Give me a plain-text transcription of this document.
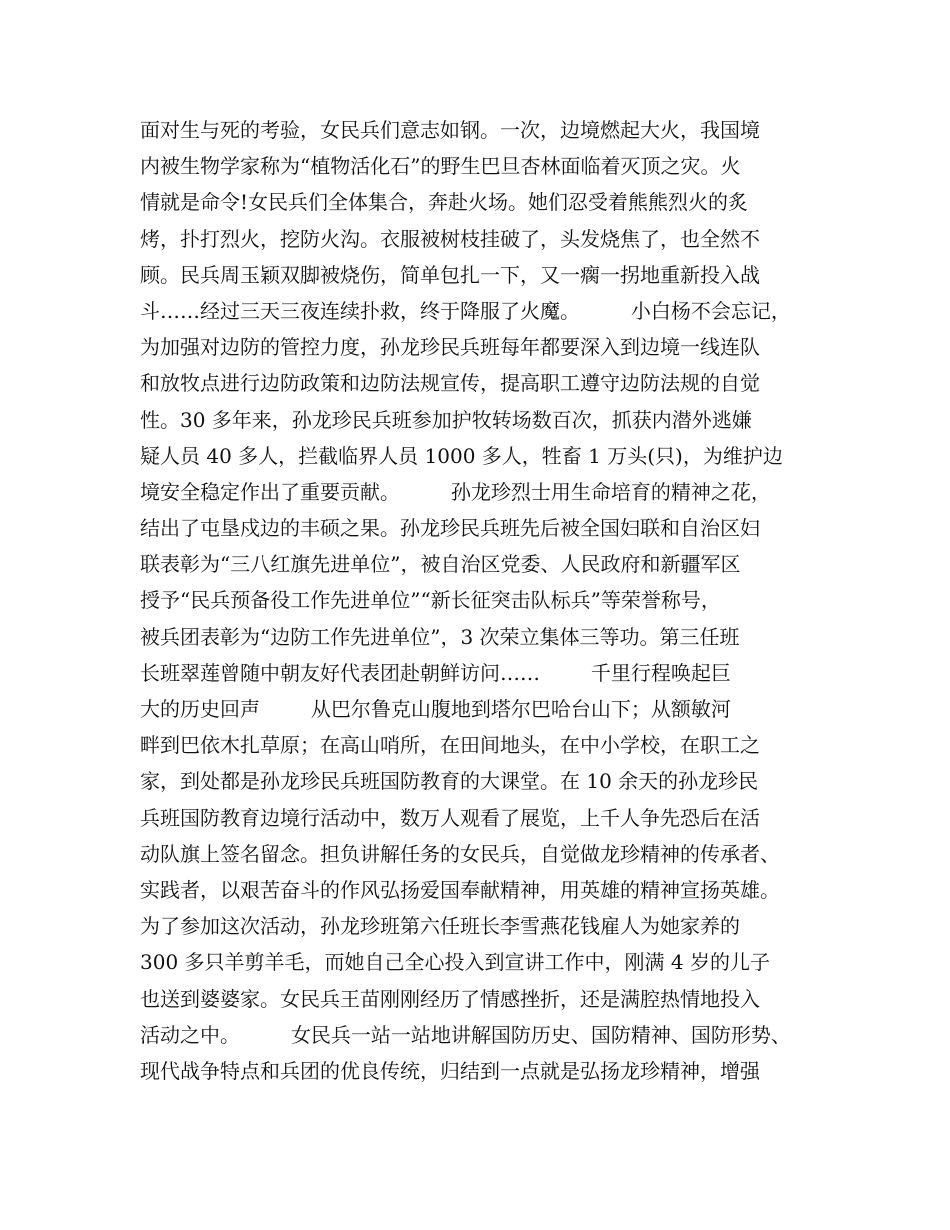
面对生与死的考验，女民兵们意志如钢。一次，边境燃起大火，我国境
内被生物学家称为“植物活化石”的野生巴旦杏林面临着灭顶之灾。火
情就是命令!女民兵们全体集合，奔赴火场。她们忍受着熊熊烈火的炙
烤，扑打烈火，挖防火沟。衣服被树枝挂破了，头发烧焦了，也全然不
顾。民兵周玉颖双脚被烧伤，简单包扎一下，又一瘸一拐地重新投入战
斗……经过三天三夜连续扑救，终于降服了火魔。        小白杨不会忘记，
为加强对边防的管控力度，孙龙珍民兵班每年都要深入到边境一线连队
和放牧点进行边防政策和边防法规宣传，提高职工遵守边防法规的自觉
性。30 多年来，孙龙珍民兵班参加护牧转场数百次，抓获内潜外逃嫌
疑人员 40 多人，拦截临界人员 1000 多人，牲畜 1 万头(只)，为维护边
境安全稳定作出了重要贡献。        孙龙珍烈士用生命培育的精神之花，
结出了屯垦戍边的丰硕之果。孙龙珍民兵班先后被全国妇联和自治区妇
联表彰为“三八红旗先进单位”，被自治区党委、人民政府和新疆军区
授予“民兵预备役工作先进单位”“新长征突击队标兵”等荣誉称号，
被兵团表彰为“边防工作先进单位”，3 次荣立集体三等功。第三任班
长班翠莲曾随中朝友好代表团赴朝鲜访问……        千里行程唤起巨
大的历史回声        从巴尔鲁克山腹地到塔尔巴哈台山下；从额敏河
畔到巴依木扎草原；在高山哨所，在田间地头，在中小学校，在职工之
家，到处都是孙龙珍民兵班国防教育的大课堂。在 10 余天的孙龙珍民
兵班国防教育边境行活动中，数万人观看了展览，上千人争先恐后在活
动队旗上签名留念。担负讲解任务的女民兵，自觉做龙珍精神的传承者、
实践者，以艰苦奋斗的作风弘扬爱国奉献精神，用英雄的精神宣扬英雄。
为了参加这次活动，孙龙珍班第六任班长李雪燕花钱雇人为她家养的
300 多只羊剪羊毛，而她自己全心投入到宣讲工作中，刚满 4 岁的儿子
也送到婆婆家。女民兵王苗刚刚经历了情感挫折，还是满腔热情地投入
活动之中。        女民兵一站一站地讲解国防历史、国防精神、国防形势、
现代战争特点和兵团的优良传统，归结到一点就是弘扬龙珍精神，增强
